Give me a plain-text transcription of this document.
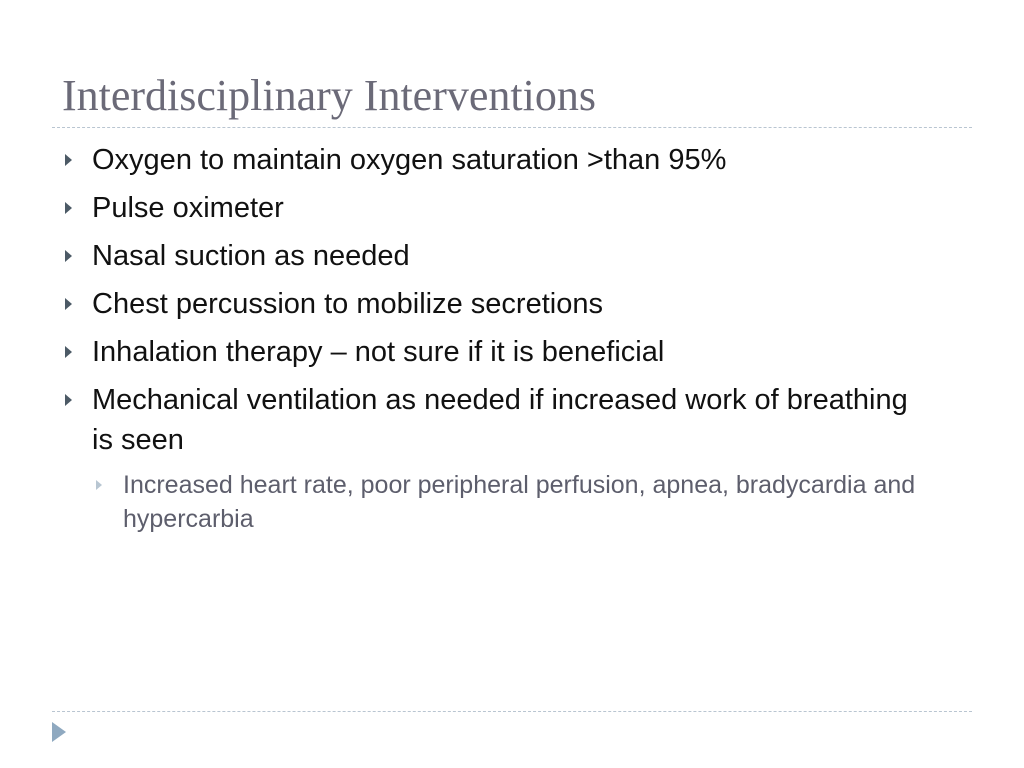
Interdisciplinary Interventions
Oxygen to maintain oxygen saturation >than 95%
Pulse oximeter
Nasal suction as needed
Chest percussion to mobilize secretions
Inhalation therapy – not sure if it is beneficial
Mechanical ventilation as needed if increased work of breathing is seen
Increased heart rate, poor peripheral perfusion, apnea, bradycardia and hypercarbia
